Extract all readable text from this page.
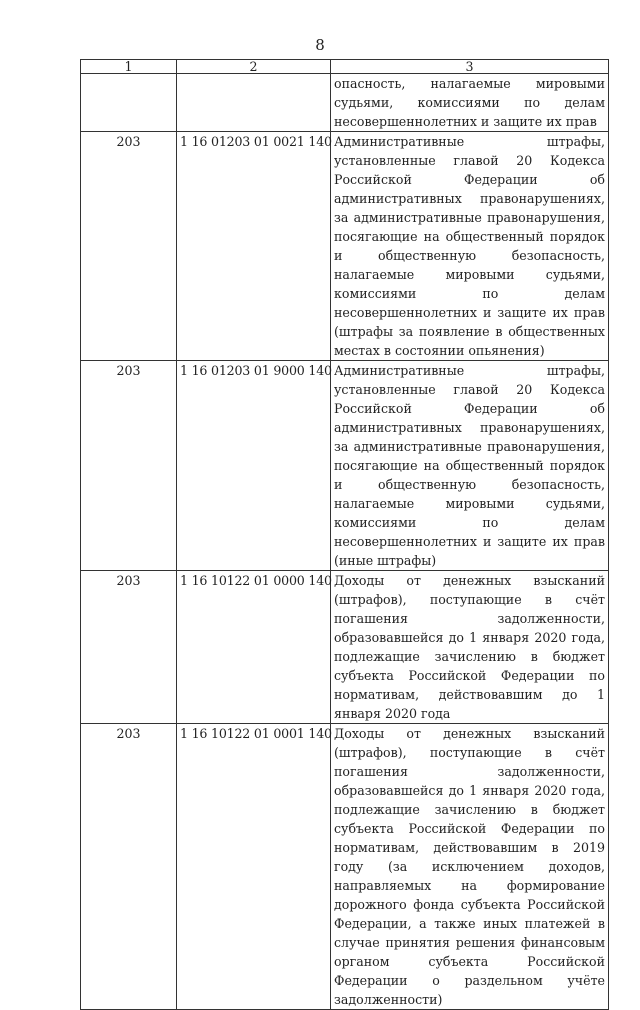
8
1	2	3
		опасность, налагаемые мировыми судьями, комиссиями по делам несовершеннолетних и защите их прав
203	1 16 01203 01 0021 140	Административные штрафы, установленные главой 20 Кодекса Российской Федерации об административных правонарушениях, за административные правонарушения, посягающие на общественный порядок и общественную безопасность, налагаемые мировыми судьями, комиссиями по делам несовершеннолетних и защите их прав (штрафы за появление в общественных местах в состоянии опьянения)
203	1 16 01203 01 9000 140	Административные штрафы, установленные главой 20 Кодекса Российской Федерации об административных правонарушениях, за административные правонарушения, посягающие на общественный порядок и общественную безопасность, налагаемые мировыми судьями, комиссиями по делам несовершеннолетних и защите их прав (иные штрафы)
203	1 16 10122 01 0000 140	Доходы от денежных взысканий (штрафов), поступающие в счёт погашения задолженности, образовавшейся до 1 января 2020 года, подлежащие зачислению в бюджет субъекта Российской Федерации по нормативам, действовавшим до 1 января 2020 года
203	1 16 10122 01 0001 140	Доходы от денежных взысканий (штрафов), поступающие в счёт погашения задолженности, образовавшейся до 1 января 2020 года, подлежащие зачислению в бюджет субъекта Российской Федерации по нормативам, действовавшим в 2019 году (за исключением доходов, направляемых на формирование дорожного фонда субъекта Российской Федерации, а также иных платежей в случае принятия решения финансовым органом субъекта Российской Федерации о раздельном учёте задолженности)
